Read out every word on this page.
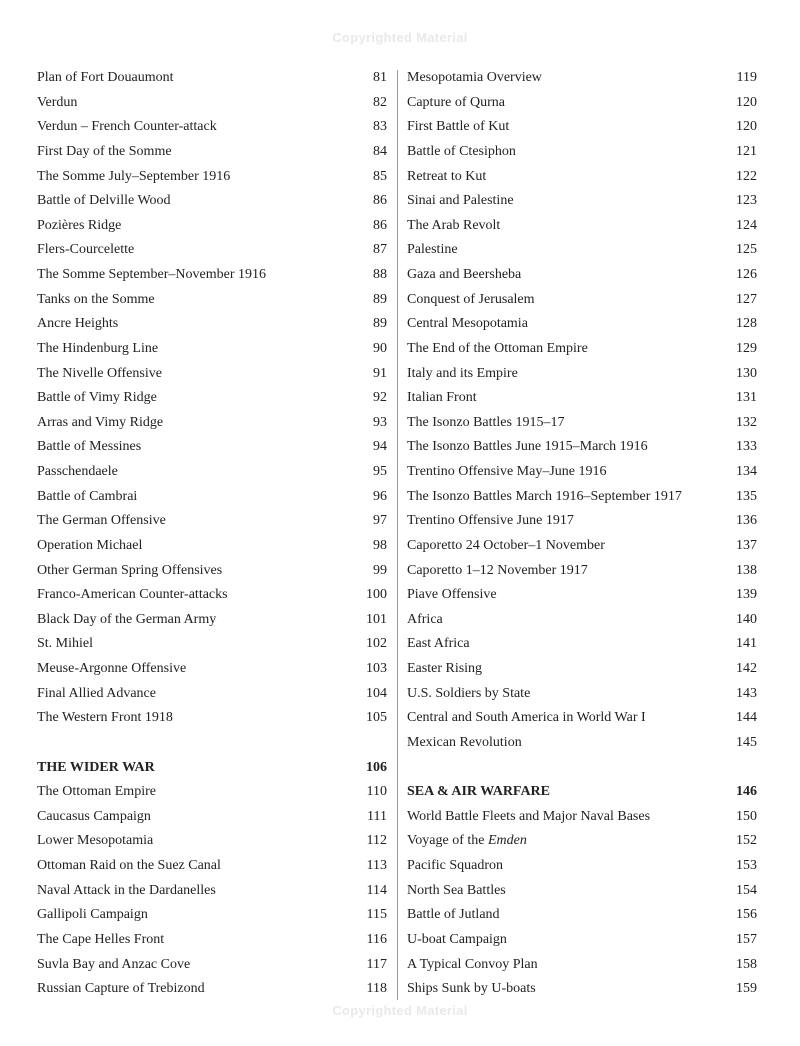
Copyrighted Material
Plan of Fort Douaumont	81
Verdun	82
Verdun – French Counter-attack	83
First Day of the Somme	84
The Somme July–September 1916	85
Battle of Delville Wood	86
Pozières Ridge	86
Flers-Courcelette	87
The Somme September–November 1916	88
Tanks on the Somme	89
Ancre Heights	89
The Hindenburg Line	90
The Nivelle Offensive	91
Battle of Vimy Ridge	92
Arras and Vimy Ridge	93
Battle of Messines	94
Passchendaele	95
Battle of Cambrai	96
The German Offensive	97
Operation Michael	98
Other German Spring Offensives	99
Franco-American Counter-attacks	100
Black Day of the German Army	101
St. Mihiel	102
Meuse-Argonne Offensive	103
Final Allied Advance	104
The Western Front 1918	105
THE WIDER WAR	106
The Ottoman Empire	110
Caucasus Campaign	111
Lower Mesopotamia	112
Ottoman Raid on the Suez Canal	113
Naval Attack in the Dardanelles	114
Gallipoli Campaign	115
The Cape Helles Front	116
Suvla Bay and Anzac Cove	117
Russian Capture of Trebizond	118
Mesopotamia Overview	119
Capture of Qurna	120
First Battle of Kut	120
Battle of Ctesiphon	121
Retreat to Kut	122
Sinai and Palestine	123
The Arab Revolt	124
Palestine	125
Gaza and Beersheba	126
Conquest of Jerusalem	127
Central Mesopotamia	128
The End of the Ottoman Empire	129
Italy and its Empire	130
Italian Front	131
The Isonzo Battles 1915–17	132
The Isonzo Battles June 1915–March 1916	133
Trentino Offensive May–June 1916	134
The Isonzo Battles March 1916–September 1917	135
Trentino Offensive June 1917	136
Caporetto 24 October–1 November	137
Caporetto 1–12 November 1917	138
Piave Offensive	139
Africa	140
East Africa	141
Easter Rising	142
U.S. Soldiers by State	143
Central and South America in World War I	144
Mexican Revolution	145
SEA & AIR WARFARE	146
World Battle Fleets and Major Naval Bases	150
Voyage of the Emden	152
Pacific Squadron	153
North Sea Battles	154
Battle of Jutland	156
U-boat Campaign	157
A Typical Convoy Plan	158
Ships Sunk by U-boats	159
Copyrighted Material
